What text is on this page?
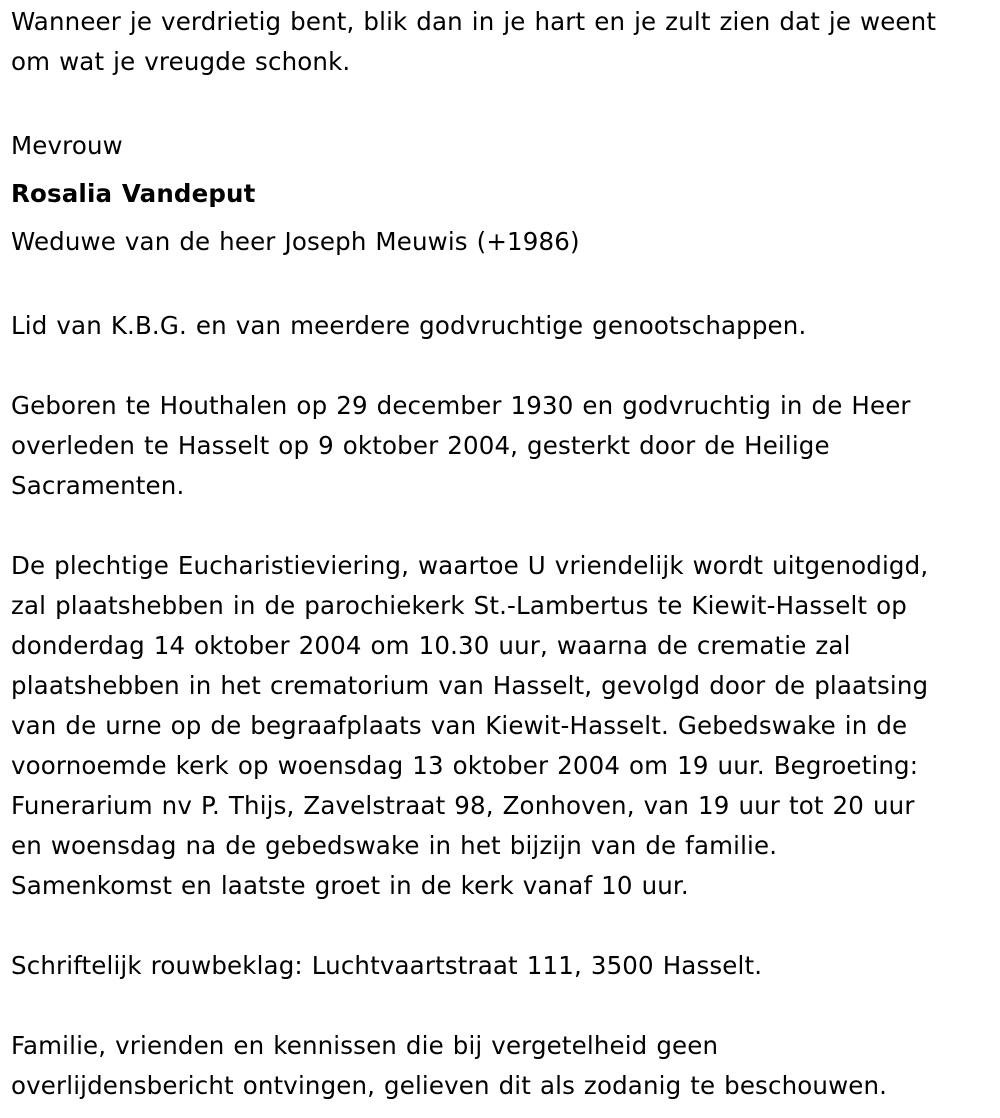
Wanneer je verdrietig bent, blik dan in je hart en je zult zien dat je weent
om wat je vreugde schonk.

Mevrouw

Rosalia Vandeput

Weduwe van de heer Joseph Meuwis (+1986)

Lid van K.B.G. en van meerdere godvruchtige genootschappen.

Geboren te Houthalen op 29 december 1930 en godvruchtig in de Heer
overleden te Hasselt op 9 oktober 2004, gesterkt door de Heilige
Sacramenten.

De plechtige Eucharistieviering, waartoe U vriendelijk wordt uitgenodigd,
zal plaatshebben in de parochiekerk St.-Lambertus te Kiewit-Hasselt op
donderdag 14 oktober 2004 om 10.30 uur, waarna de crematie zal
plaatshebben in het crematorium van Hasselt, gevolgd door de plaatsing
van de urne op de begraafplaats van Kiewit-Hasselt. Gebedswake in de
voornoemde kerk op woensdag 13 oktober 2004 om 19 uur. Begroeting:
Funerarium nv P. Thijs, Zavelstraat 98, Zonhoven, van 19 uur tot 20 uur
en woensdag na de gebedswake in het bijzijn van de familie.
Samenkomst en laatste groet in de kerk vanaf 10 uur.

Schriftelijk rouwbeklag: Luchtvaartstraat 111, 3500 Hasselt.

Familie, vrienden en kennissen die bij vergetelheid geen
overlijdensbericht ontvingen, gelieven dit als zodanig te beschouwen.
